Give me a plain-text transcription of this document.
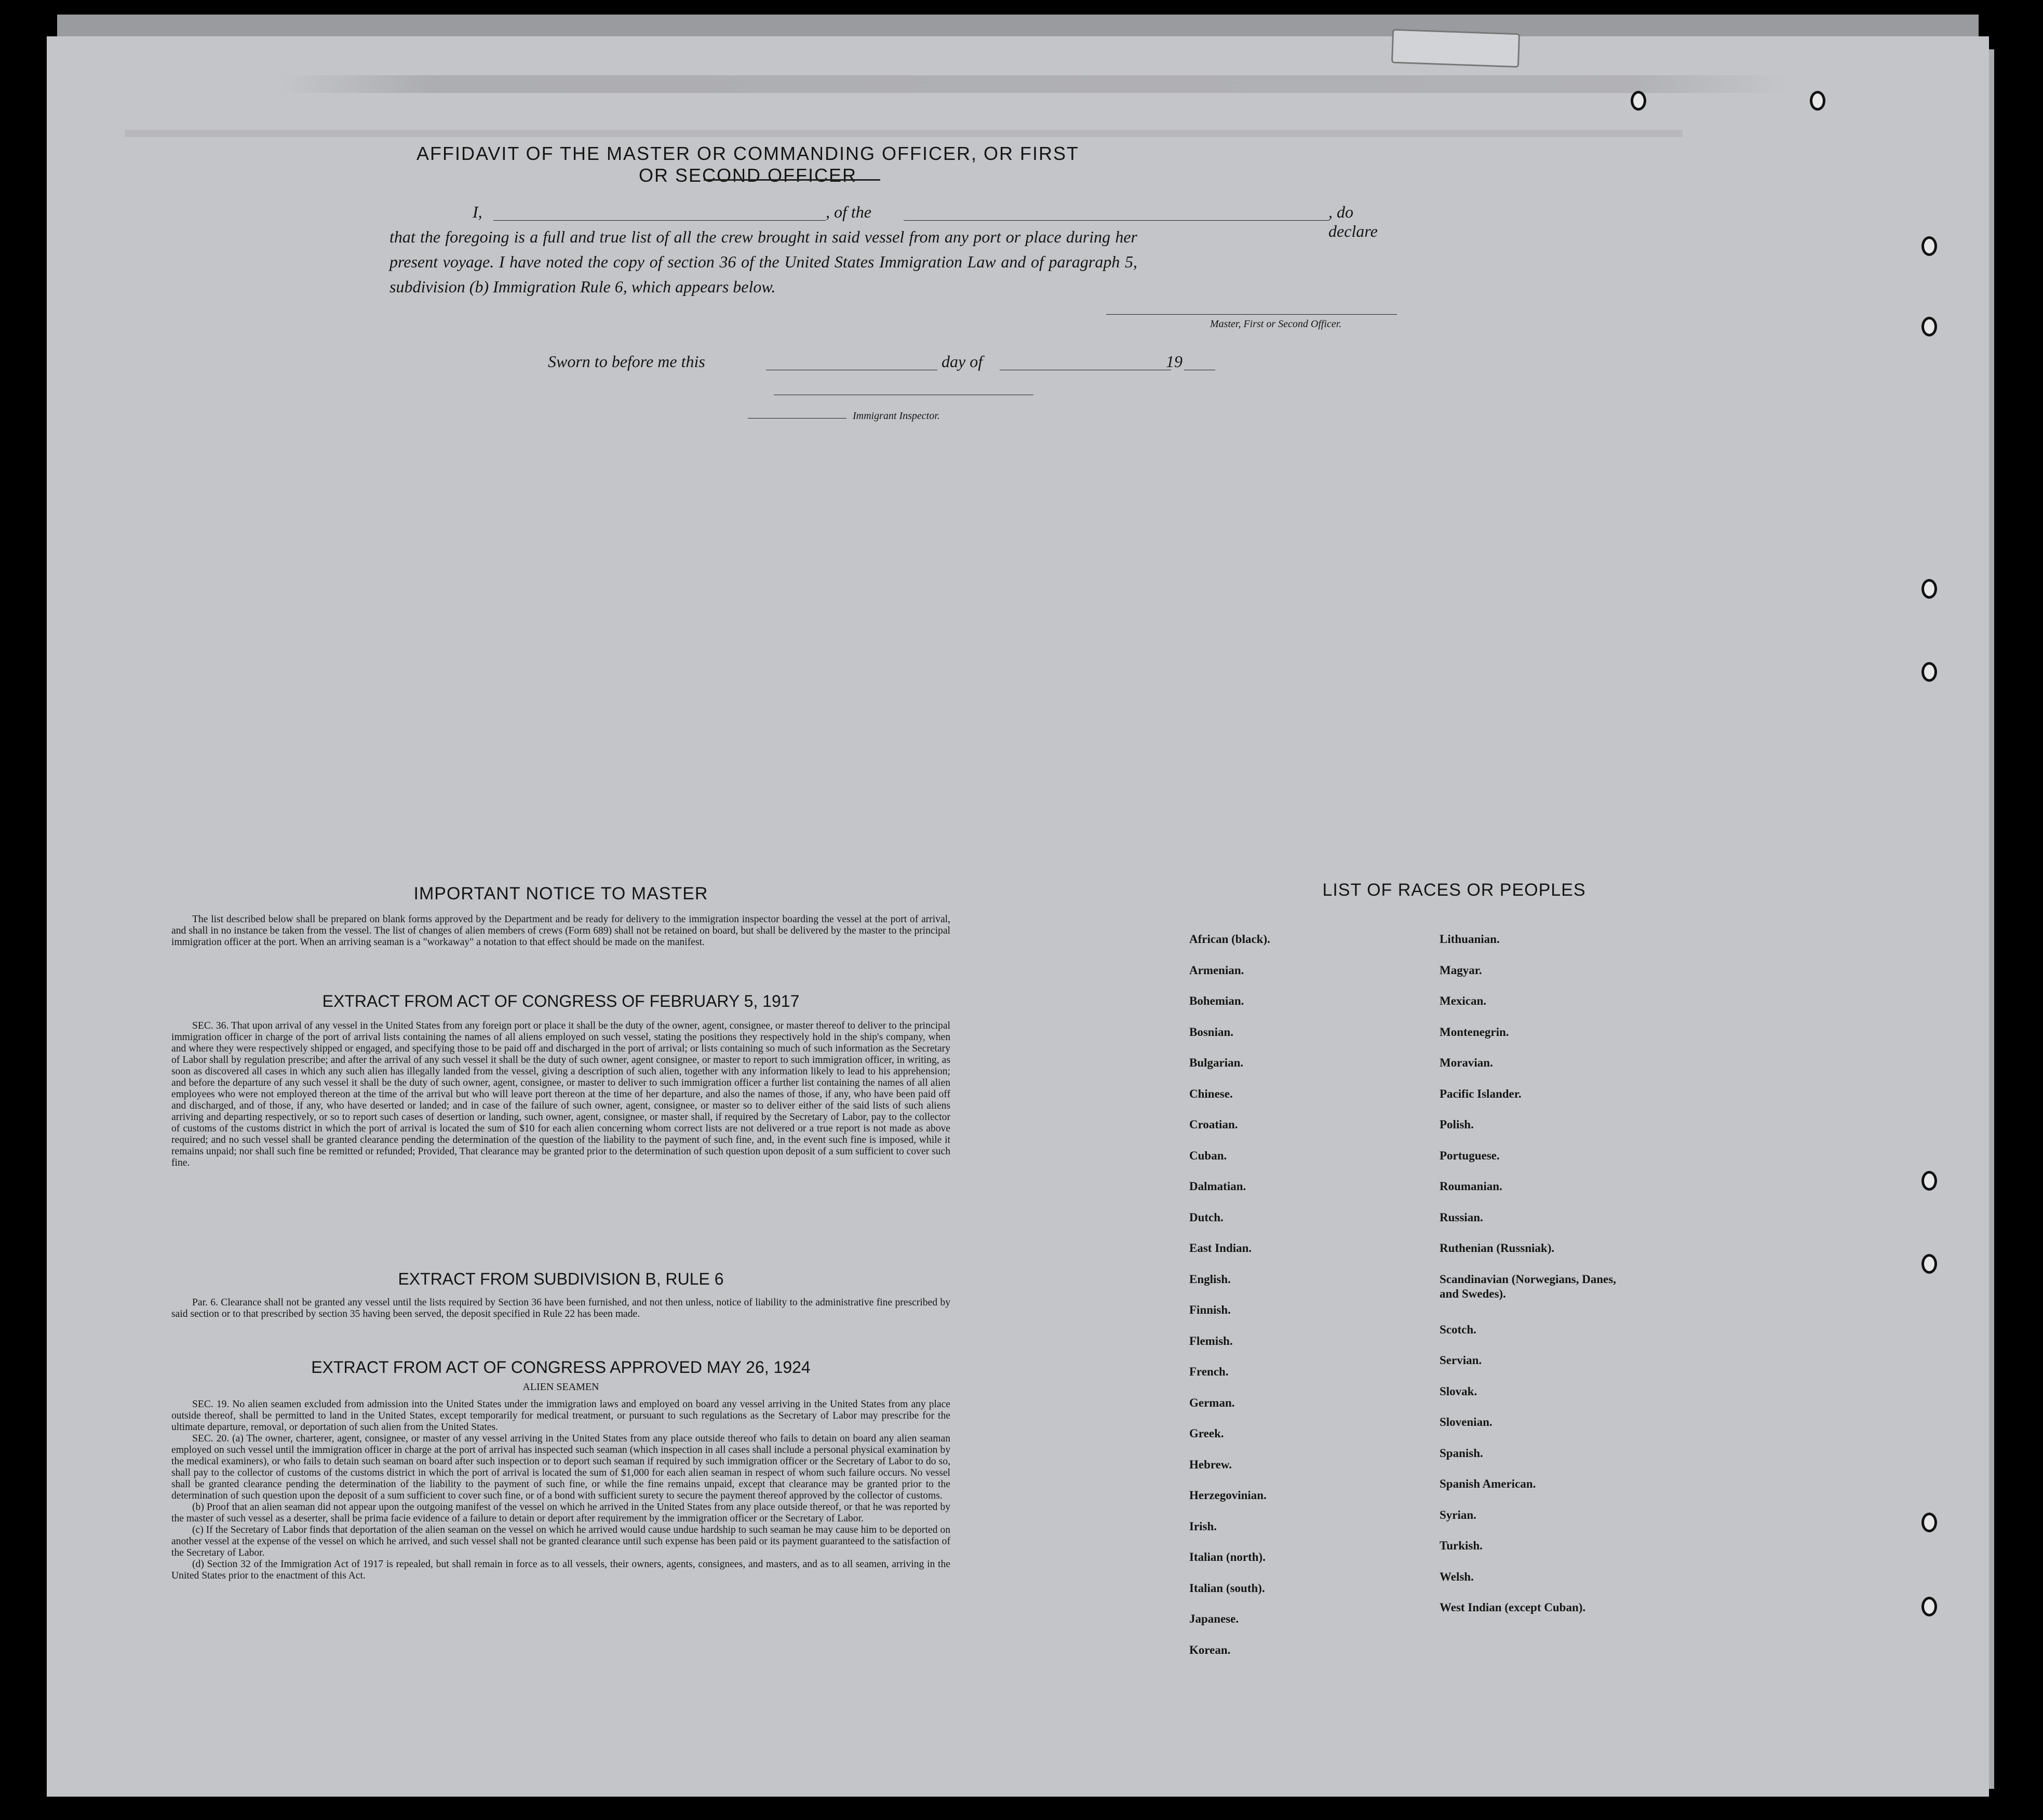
AFFIDAVIT OF THE MASTER OR COMMANDING OFFICER, OR FIRST OR SECOND OFFICER
I,	, of the	, do declare
that the foregoing is a full and true list of all the crew brought in said vessel from any port or place during her present voyage. I have noted the copy of section 36 of the United States Immigration Law and of paragraph 5, subdivision (b) Immigration Rule 6, which appears below.
Master, First or Second Officer.
Sworn to before me this	day of	19
Immigrant Inspector.
IMPORTANT NOTICE TO MASTER

The list described below shall be prepared on blank forms approved by the Department and be ready for delivery to the immigration inspector boarding the vessel at the port of arrival, and shall in no instance be taken from the vessel. The list of changes of alien members of crews (Form 689) shall not be retained on board, but shall be delivered by the master to the principal immigration officer at the port. When an arriving seaman is a "workaway" a notation to that effect should be made on the manifest.

EXTRACT FROM ACT OF CONGRESS OF FEBRUARY 5, 1917

SEC. 36. That upon arrival of any vessel in the United States from any foreign port or place it shall be the duty of the owner, agent, consignee, or master thereof to deliver to the principal immigration officer in charge of the port of arrival lists containing the names of all aliens employed on such vessel, stating the positions they respectively hold in the ship's company, when and where they were respectively shipped or engaged, and specifying those to be paid off and discharged in the port of arrival; or lists containing so much of such information as the Secretary of Labor shall by regulation prescribe; and after the arrival of any such vessel it shall be the duty of such owner, agent consignee, or master to report to such immigration officer, in writing, as soon as discovered all cases in which any such alien has illegally landed from the vessel, giving a description of such alien, together with any information likely to lead to his apprehension; and before the departure of any such vessel it shall be the duty of such owner, agent, consignee, or master to deliver to such immigration officer a further list containing the names of all alien employees who were not employed thereon at the time of the arrival but who will leave port thereon at the time of her departure, and also the names of those, if any, who have been paid off and discharged, and of those, if any, who have deserted or landed; and in case of the failure of such owner, agent, consignee, or master so to deliver either of the said lists of such aliens arriving and departing respectively, or so to report such cases of desertion or landing, such owner, agent, consignee, or master shall, if required by the Secretary of Labor, pay to the collector of customs of the customs district in which the port of arrival is located the sum of $10 for each alien concerning whom correct lists are not delivered or a true report is not made as above required; and no such vessel shall be granted clearance pending the determination of the question of the liability to the payment of such fine, and, in the event such fine is imposed, while it remains unpaid; nor shall such fine be remitted or refunded; Provided, That clearance may be granted prior to the determination of such question upon deposit of a sum sufficient to cover such fine.

EXTRACT FROM SUBDIVISION B, RULE 6

Par. 6. Clearance shall not be granted any vessel until the lists required by Section 36 have been furnished, and not then unless, notice of liability to the administrative fine prescribed by said section or to that prescribed by section 35 having been served, the deposit specified in Rule 22 has been made.

EXTRACT FROM ACT OF CONGRESS APPROVED MAY 26, 1924
ALIEN SEAMEN

SEC. 19. No alien seamen excluded from admission into the United States under the immigration laws and employed on board any vessel arriving in the United States from any place outside thereof, shall be permitted to land in the United States, except temporarily for medical treatment, or pursuant to such regulations as the Secretary of Labor may prescribe for the ultimate departure, removal, or deportation of such alien from the United States.

SEC. 20. (a) The owner, charterer, agent, consignee, or master of any vessel arriving in the United States from any place outside thereof who fails to detain on board any alien seaman employed on such vessel until the immigration officer in charge at the port of arrival has inspected such seaman (which inspection in all cases shall include a personal physical examination by the medical examiners), or who fails to detain such seaman on board after such inspection or to deport such seaman if required by such immigration officer or the Secretary of Labor to do so, shall pay to the collector of customs of the customs district in which the port of arrival is located the sum of $1,000 for each alien seaman in respect of whom such failure occurs. No vessel shall be granted clearance pending the determination of the liability to the payment of such fine, or while the fine remains unpaid, except that clearance may be granted prior to the determination of such question upon the deposit of a sum sufficient to cover such fine, or of a bond with sufficient surety to secure the payment thereof approved by the collector of customs.

(b) Proof that an alien seaman did not appear upon the outgoing manifest of the vessel on which he arrived in the United States from any place outside thereof, or that he was reported by the master of such vessel as a deserter, shall be prima facie evidence of a failure to detain or deport after requirement by the immigration officer or the Secretary of Labor.

(c) If the Secretary of Labor finds that deportation of the alien seaman on the vessel on which he arrived would cause undue hardship to such seaman he may cause him to be deported on another vessel at the expense of the vessel on which he arrived, and such vessel shall not be granted clearance until such expense has been paid or its payment guaranteed to the satisfaction of the Secretary of Labor.

(d) Section 32 of the Immigration Act of 1917 is repealed, but shall remain in force as to all vessels, their owners, agents, consignees, and masters, and as to all seamen, arriving in the United States prior to the enactment of this Act.

LIST OF RACES OR PEOPLES
African (black).
Armenian.
Bohemian.
Bosnian.
Bulgarian.
Chinese.
Croatian.
Cuban.
Dalmatian.
Dutch.
East Indian.
English.
Finnish.
Flemish.
French.
German.
Greek.
Hebrew.
Herzegovinian.
Irish.
Italian (north).
Italian (south).
Japanese.
Korean.
Lithuanian.
Magyar.
Mexican.
Montenegrin.
Moravian.
Pacific Islander.
Polish.
Portuguese.
Roumanian.
Russian.
Ruthenian (Russniak).
Scandinavian (Norwegians, Danes, and Swedes).
Scotch.
Servian.
Slovak.
Slovenian.
Spanish.
Spanish American.
Syrian.
Turkish.
Welsh.
West Indian (except Cuban).
